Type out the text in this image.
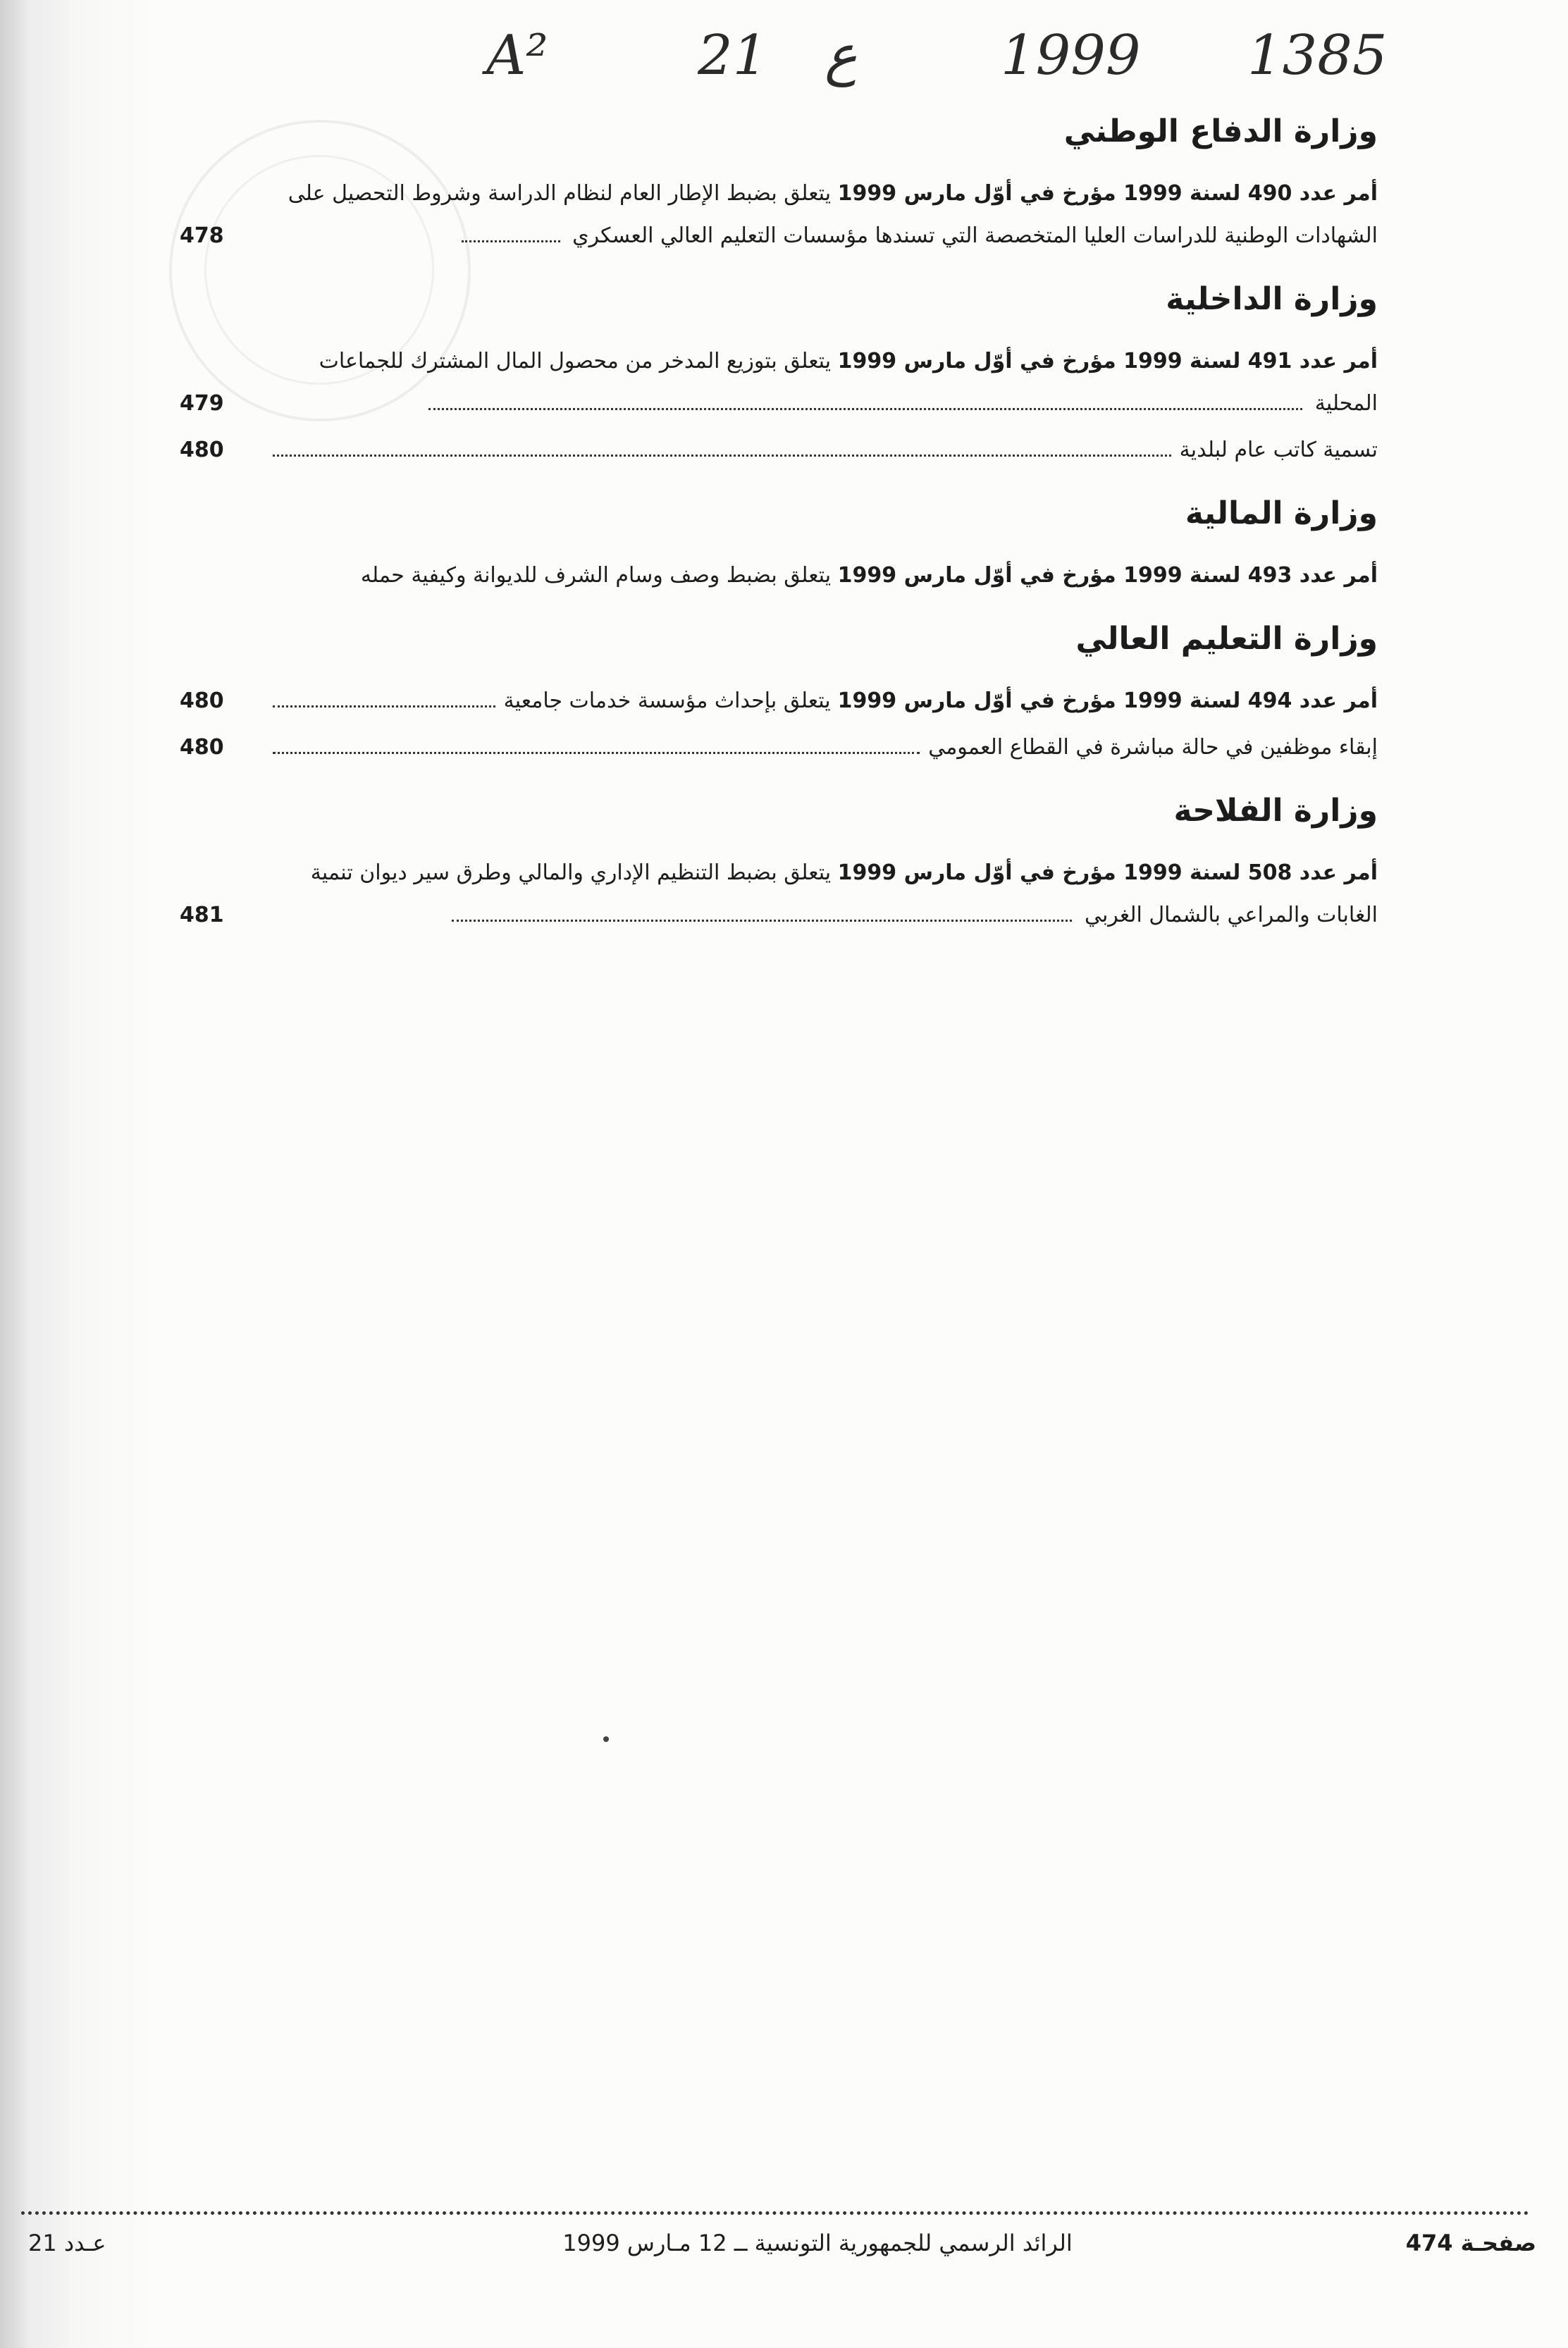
A²	21 ع	1999 1385
وزارة الدفاع الوطني
أمر عدد 490 لسنة 1999 مؤرخ في أوّل مارس 1999 يتعلق بضبط الإطار العام لنظام الدراسة وشروط التحصيل على الشهادات الوطنية للدراسات العليا المتخصصة التي تسندها مؤسسات التعليم العالي العسكري
478
وزارة الداخلية
أمر عدد 491 لسنة 1999 مؤرخ في أوّل مارس 1999 يتعلق بتوزيع المدخر من محصول المال المشترك للجماعات المحلية
479
تسمية كاتب عام لبلدية
480
وزارة المالية
أمر عدد 493 لسنة 1999 مؤرخ في أوّل مارس 1999 يتعلق بضبط وصف وسام الشرف للديوانة وكيفية حمله
وزارة التعليم العالي
أمر عدد 494 لسنة 1999 مؤرخ في أوّل مارس 1999
يتعلق بإحداث مؤسسة خدمات جامعية
480
إبقاء موظفين في حالة مباشرة في القطاع العمومي
480
وزارة الفلاحة
أمر عدد 508 لسنة 1999 مؤرخ في أوّل مارس 1999 يتعلق بضبط التنظيم الإداري والمالي وطرق سير ديوان تنمية الغابات والمراعي بالشمال الغربي
481
صفحـة 474
الرائد الرسمي للجمهورية التونسية ــ 12 مـارس 1999
عـدد 21
